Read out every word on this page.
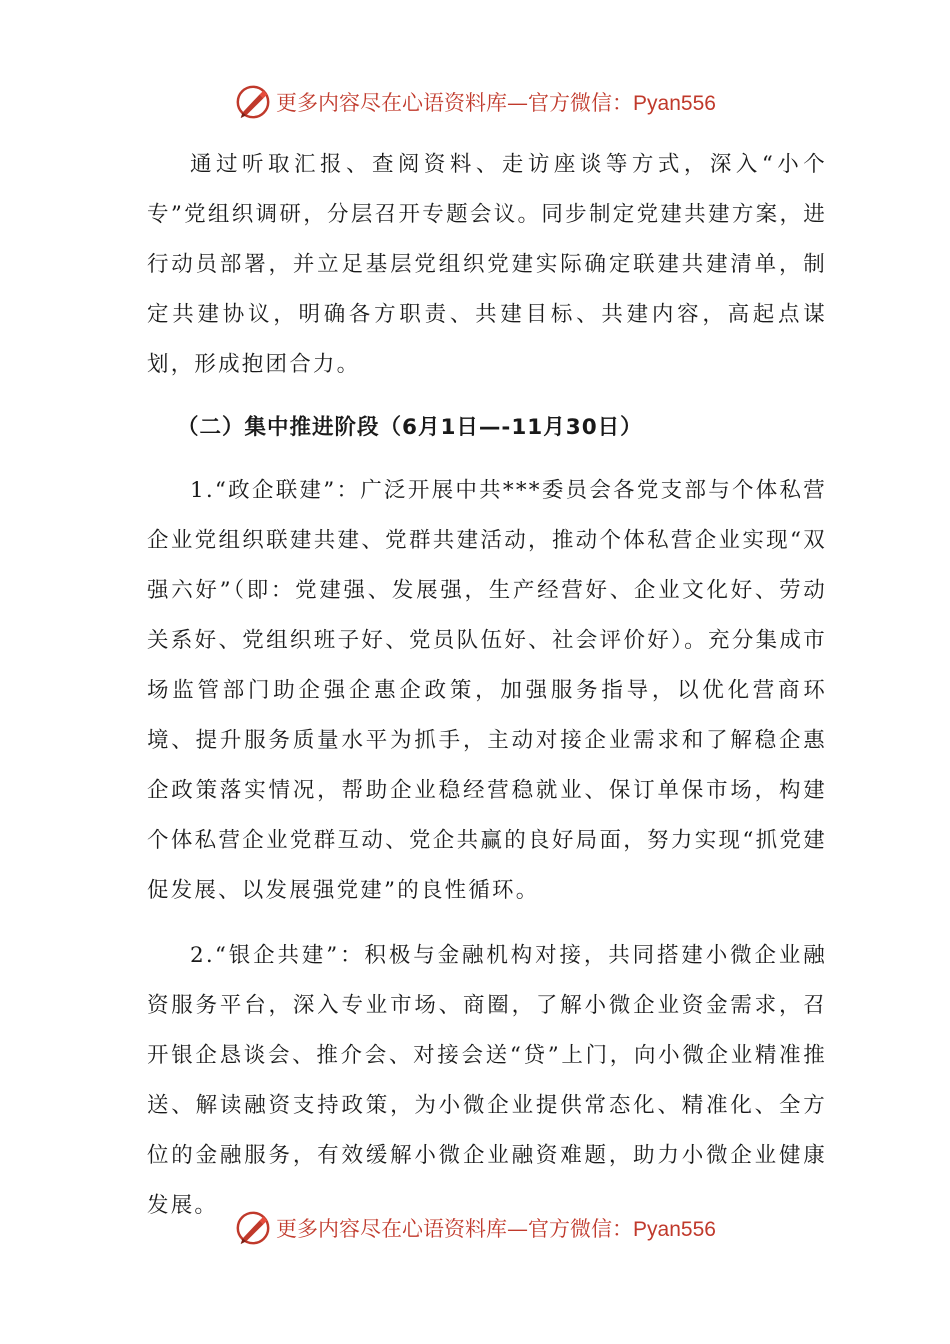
更多内容尽在心语资料库—官方微信：Pyan556

通过听取汇报、查阅资料、走访座谈等方式，深入“小个专”党组织调研，分层召开专题会议。同步制定党建共建方案，进行动员部署，并立足基层党组织党建实际确定联建共建清单，制定共建协议，明确各方职责、共建目标、共建内容，高起点谋划，形成抱团合力。

（二）集中推进阶段（6月1日—-11月30日）

1.“政企联建”：广泛开展中共***委员会各党支部与个体私营企业党组织联建共建、党群共建活动，推动个体私营企业实现“双强六好”（即：党建强、发展强，生产经营好、企业文化好、劳动关系好、党组织班子好、党员队伍好、社会评价好）。充分集成市场监管部门助企强企惠企政策，加强服务指导，以优化营商环境、提升服务质量水平为抓手，主动对接企业需求和了解稳企惠企政策落实情况，帮助企业稳经营稳就业、保订单保市场，构建个体私营企业党群互动、党企共赢的良好局面，努力实现“抓党建促发展、以发展强党建”的良性循环。

2.“银企共建”：积极与金融机构对接，共同搭建小微企业融资服务平台，深入专业市场、商圈，了解小微企业资金需求，召开银企恳谈会、推介会、对接会送“贷”上门，向小微企业精准推送、解读融资支持政策，为小微企业提供常态化、精准化、全方位的金融服务，有效缓解小微企业融资难题，助力小微企业健康发展。

更多内容尽在心语资料库—官方微信：Pyan556
